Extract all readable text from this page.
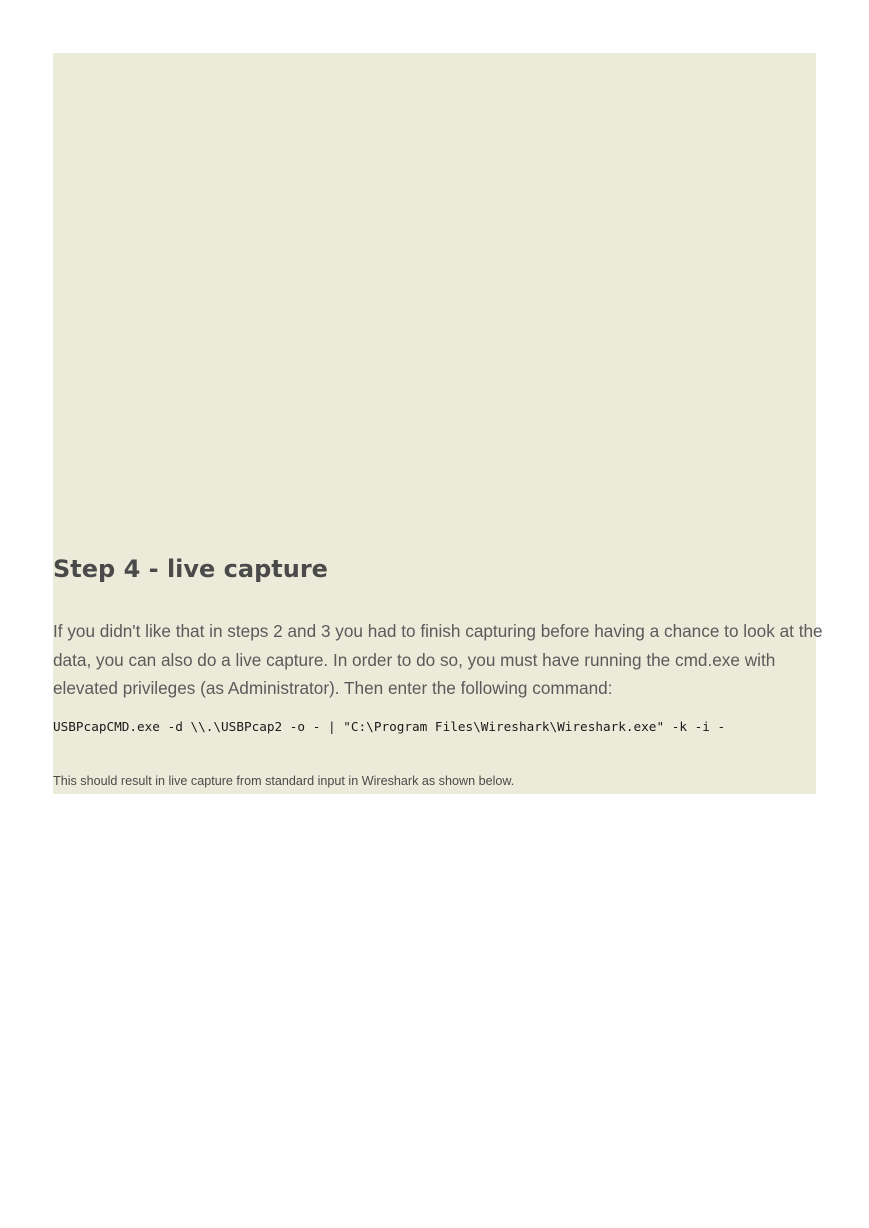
Step 4 - live capture

If you didn't like that in steps 2 and 3 you had to finish capturing before having a chance to look at the data, you can also do a live capture. In order to do so, you must have running the cmd.exe with elevated privileges (as Administrator). Then enter the following command:

USBPcapCMD.exe -d \\.\USBPcap2 -o - | "C:\Program Files\Wireshark\Wireshark.exe" -k -i -

This should result in live capture from standard input in Wireshark as shown below.
